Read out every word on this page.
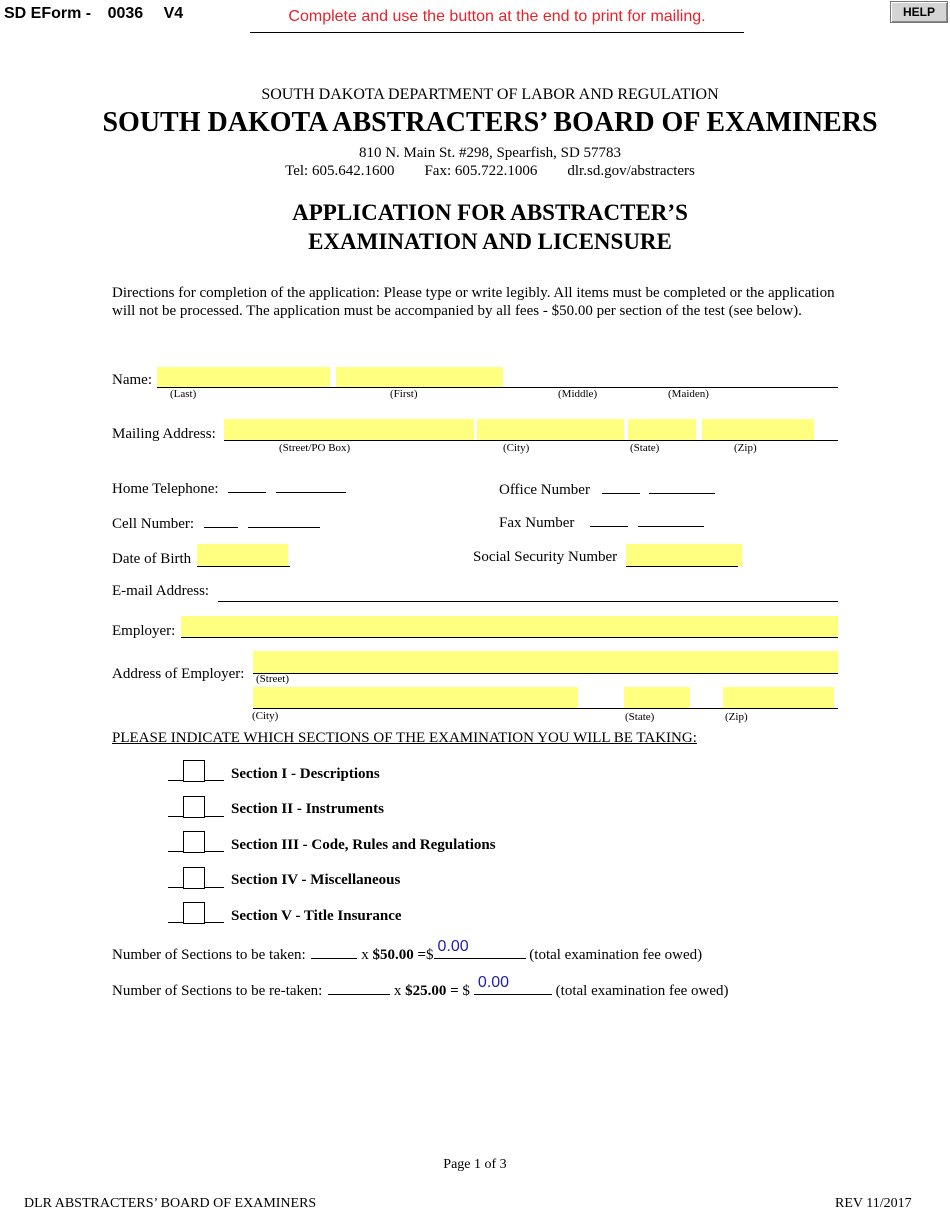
SD EForm - 0036 V4	Complete and use the button at the end to print for mailing.	HELP
SOUTH DAKOTA DEPARTMENT OF LABOR AND REGULATION
SOUTH DAKOTA ABSTRACTERS’ BOARD OF EXAMINERS
810 N. Main St. #298, Spearfish, SD 57783
Tel: 605.642.1600 Fax: 605.722.1006 dlr.sd.gov/abstracters
APPLICATION FOR ABSTRACTER’S
EXAMINATION AND LICENSURE
Directions for completion of the application: Please type or write legibly. All items must be completed or the application will not be processed. The application must be accompanied by all fees - $50.00 per section of the test (see below).
Name:
(Last)	(First)	(Middle)	(Maiden)
Mailing Address:
(Street/PO Box)	(City)	(State)	(Zip)
Home Telephone:	Office Number
Cell Number:	Fax Number
Date of Birth	Social Security Number
E-mail Address:
Employer:
Address of Employer: (Street)
(City)	(State)	(Zip)
PLEASE INDICATE WHICH SECTIONS OF THE EXAMINATION YOU WILL BE TAKING:
Section I - Descriptions
Section II - Instruments
Section III - Code, Rules and Regulations
Section IV - Miscellaneous
Section V - Title Insurance
Number of Sections to be taken:	x $50.00 =$ 0.00	(total examination fee owed)
Number of Sections to be re-taken:	x $25.00 = $ 0.00	(total examination fee owed)
Page 1 of 3
DLR ABSTRACTERS’ BOARD OF EXAMINERS	REV 11/2017
